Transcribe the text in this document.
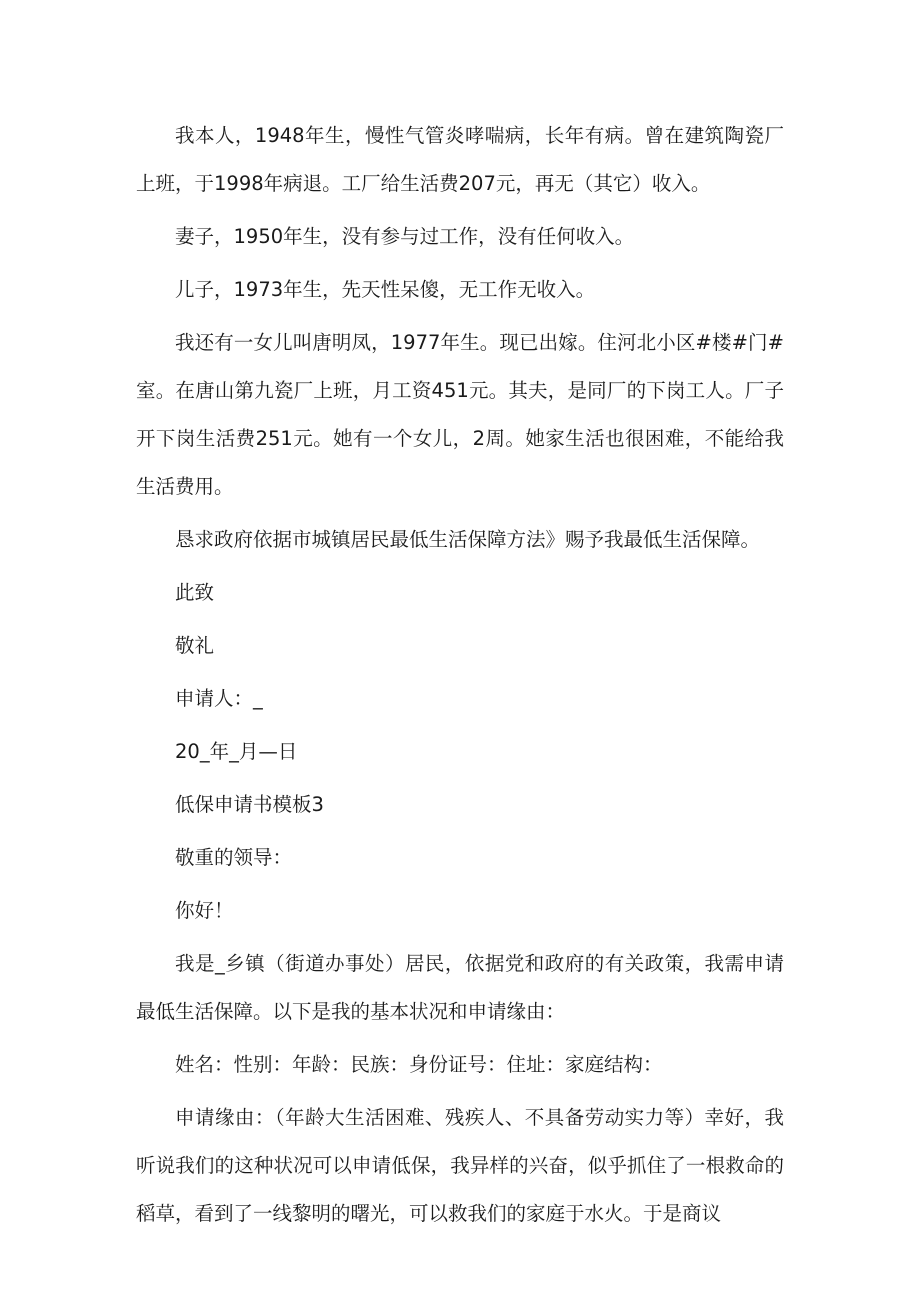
我本人，1948年生，慢性气管炎哮喘病，长年有病。曾在建筑陶瓷厂上班，于1998年病退。工厂给生活费207元，再无（其它）收入。

妻子，1950年生，没有参与过工作，没有任何收入。

儿子，1973年生，先天性呆傻，无工作无收入。

我还有一女儿叫唐明凤，1977年生。现已出嫁。住河北小区#楼#门#室。在唐山第九瓷厂上班，月工资451元。其夫，是同厂的下岗工人。厂子开下岗生活费251元。她有一个女儿，2周。她家生活也很困难，不能给我生活费用。

恳求政府依据市城镇居民最低生活保障方法》赐予我最低生活保障。

此致

敬礼

申请人：_

20_年_月—日

低保申请书模板3

敬重的领导：

你好！

我是_乡镇（街道办事处）居民，依据党和政府的有关政策，我需申请最低生活保障。以下是我的基本状况和申请缘由：

姓名：性别：年龄：民族：身份证号：住址：家庭结构：

申请缘由：（年龄大生活困难、残疾人、不具备劳动实力等）幸好，我听说我们的这种状况可以申请低保，我异样的兴奋，似乎抓住了一根救命的稻草，看到了一线黎明的曙光，可以救我们的家庭于水火。于是商议
